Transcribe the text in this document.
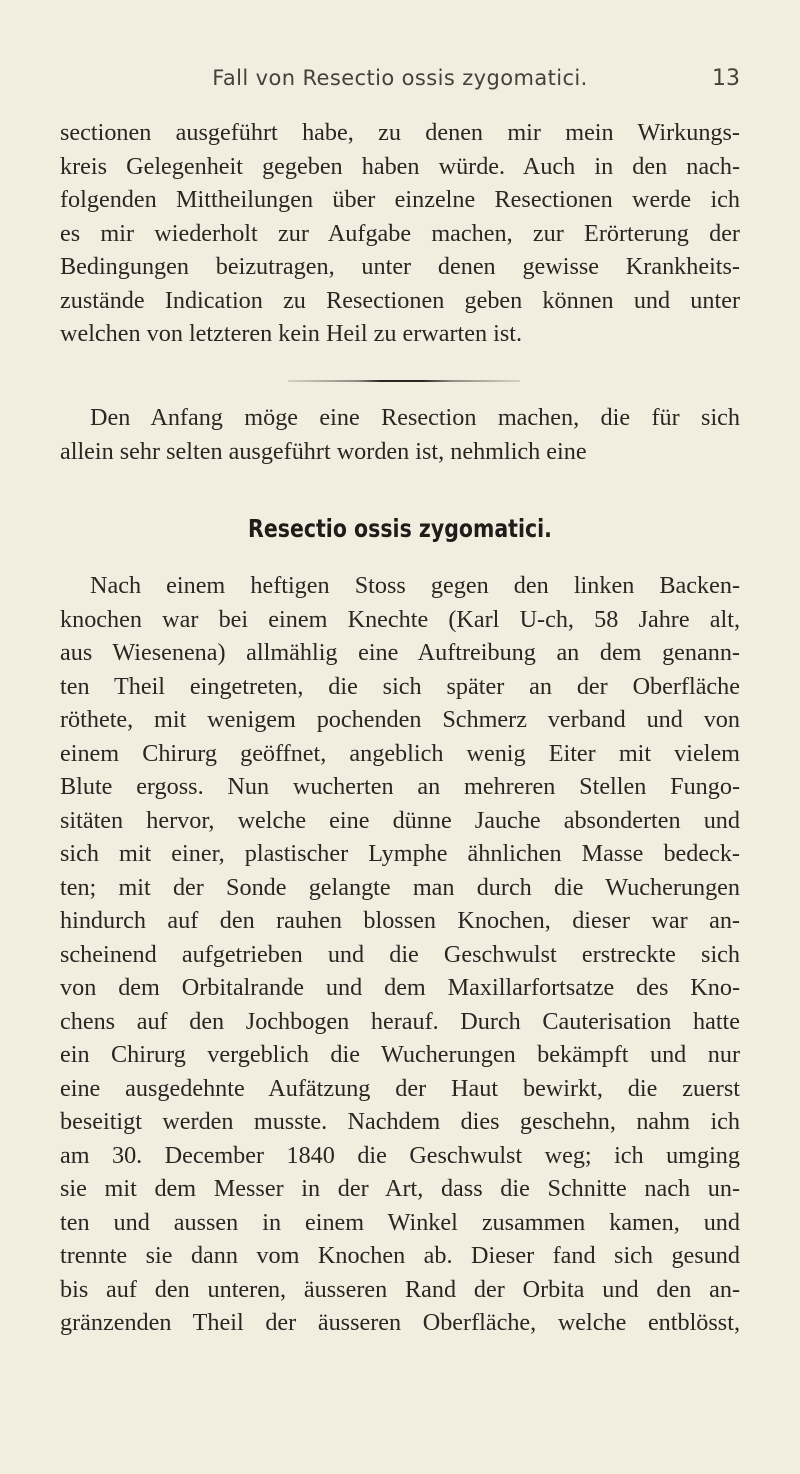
Fall von Resectio ossis zygomatici.	13
sectionen ausgeführt habe, zu denen mir mein Wirkungs-
kreis Gelegenheit gegeben haben würde. Auch in den nach-
folgenden Mittheilungen über einzelne Resectionen werde ich
es mir wiederholt zur Aufgabe machen, zur Erörterung der
Bedingungen beizutragen, unter denen gewisse Krankheits-
zustände Indication zu Resectionen geben können und unter
welchen von letzteren kein Heil zu erwarten ist.
Den Anfang möge eine Resection machen, die für sich
allein sehr selten ausgeführt worden ist, nehmlich eine
Resectio ossis zygomatici.
Nach einem heftigen Stoss gegen den linken Backen-
knochen war bei einem Knechte (Karl U-ch, 58 Jahre alt,
aus Wiesenena) allmählig eine Auftreibung an dem genann-
ten Theil eingetreten, die sich später an der Oberfläche
röthete, mit wenigem pochenden Schmerz verband und von
einem Chirurg geöffnet, angeblich wenig Eiter mit vielem
Blute ergoss. Nun wucherten an mehreren Stellen Fungo-
sitäten hervor, welche eine dünne Jauche absonderten und
sich mit einer, plastischer Lymphe ähnlichen Masse bedeck-
ten; mit der Sonde gelangte man durch die Wucherungen
hindurch auf den rauhen blossen Knochen, dieser war an-
scheinend aufgetrieben und die Geschwulst erstreckte sich
von dem Orbitalrande und dem Maxillarfortsatze des Kno-
chens auf den Jochbogen herauf. Durch Cauterisation hatte
ein Chirurg vergeblich die Wucherungen bekämpft und nur
eine ausgedehnte Aufätzung der Haut bewirkt, die zuerst
beseitigt werden musste. Nachdem dies geschehn, nahm ich
am 30. December 1840 die Geschwulst weg; ich umging
sie mit dem Messer in der Art, dass die Schnitte nach un-
ten und aussen in einem Winkel zusammen kamen, und
trennte sie dann vom Knochen ab. Dieser fand sich gesund
bis auf den unteren, äusseren Rand der Orbita und den an-
gränzenden Theil der äusseren Oberfläche, welche entblösst,
